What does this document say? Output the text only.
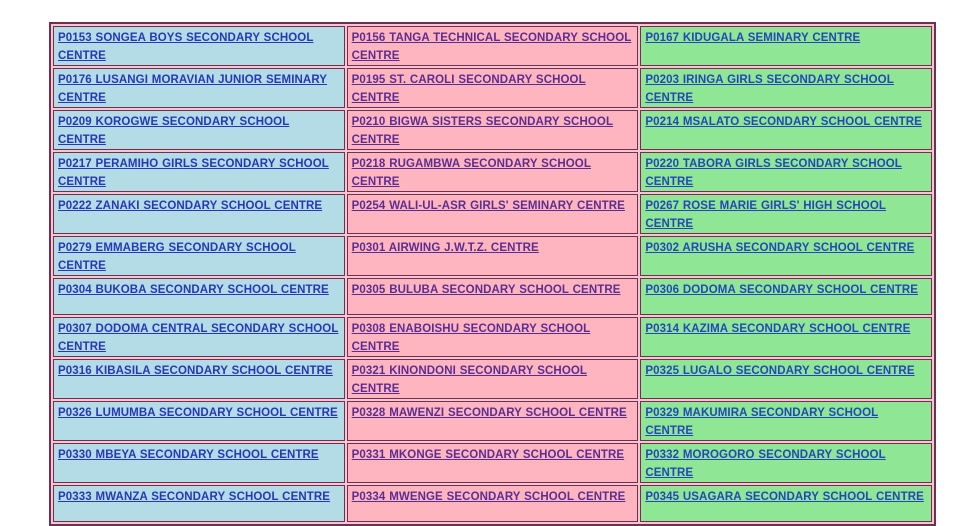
P0153 SONGEA BOYS SECONDARY SCHOOL CENTRE	P0156 TANGA TECHNICAL SECONDARY SCHOOL CENTRE	P0167 KIDUGALA SEMINARY CENTRE
P0176 LUSANGI MORAVIAN JUNIOR SEMINARY CENTRE	P0195 ST. CAROLI SECONDARY SCHOOL CENTRE	P0203 IRINGA GIRLS SECONDARY SCHOOL CENTRE
P0209 KOROGWE SECONDARY SCHOOL CENTRE	P0210 BIGWA SISTERS SECONDARY SCHOOL CENTRE	P0214 MSALATO SECONDARY SCHOOL CENTRE
P0217 PERAMIHO GIRLS SECONDARY SCHOOL CENTRE	P0218 RUGAMBWA SECONDARY SCHOOL CENTRE	P0220 TABORA GIRLS SECONDARY SCHOOL CENTRE
P0222 ZANAKI SECONDARY SCHOOL CENTRE	P0254 WALI-UL-ASR GIRLS' SEMINARY CENTRE	P0267 ROSE MARIE GIRLS' HIGH SCHOOL CENTRE
P0279 EMMABERG SECONDARY SCHOOL CENTRE	P0301 AIRWING J.W.T.Z. CENTRE	P0302 ARUSHA SECONDARY SCHOOL CENTRE
P0304 BUKOBA SECONDARY SCHOOL CENTRE	P0305 BULUBA SECONDARY SCHOOL CENTRE	P0306 DODOMA SECONDARY SCHOOL CENTRE
P0307 DODOMA CENTRAL SECONDARY SCHOOL CENTRE	P0308 ENABOISHU SECONDARY SCHOOL CENTRE	P0314 KAZIMA SECONDARY SCHOOL CENTRE
P0316 KIBASILA SECONDARY SCHOOL CENTRE	P0321 KINONDONI SECONDARY SCHOOL CENTRE	P0325 LUGALO SECONDARY SCHOOL CENTRE
P0326 LUMUMBA SECONDARY SCHOOL CENTRE	P0328 MAWENZI SECONDARY SCHOOL CENTRE	P0329 MAKUMIRA SECONDARY SCHOOL CENTRE
P0330 MBEYA SECONDARY SCHOOL CENTRE	P0331 MKONGE SECONDARY SCHOOL CENTRE	P0332 MOROGORO SECONDARY SCHOOL CENTRE
P0333 MWANZA SECONDARY SCHOOL CENTRE	P0334 MWENGE SECONDARY SCHOOL CENTRE	P0345 USAGARA SECONDARY SCHOOL CENTRE
